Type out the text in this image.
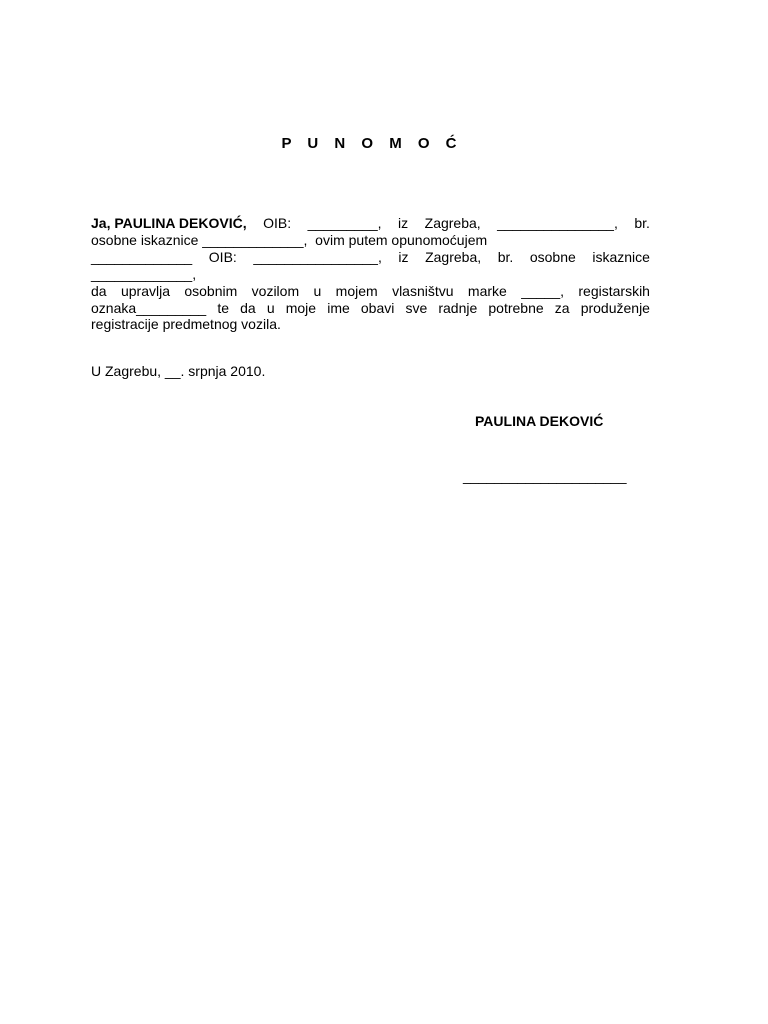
P U N O M O Ć
Ja, PAULINA DEKOVIĆ, OIB: _________, iz Zagreba, _______________, br.
osobne iskaznice _____________,  ovim putem opunomoćujem
_____________ OIB: ________________, iz Zagreba, br. osobne iskaznice
_____________,
da upravlja osobnim vozilom u mojem vlasništvu marke _____, registarskih
oznaka_________ te da u moje ime obavi sve radnje potrebne za produženje
registracije predmetnog vozila.
U Zagrebu, __. srpnja 2010.
PAULINA DEKOVIĆ
_____________________
